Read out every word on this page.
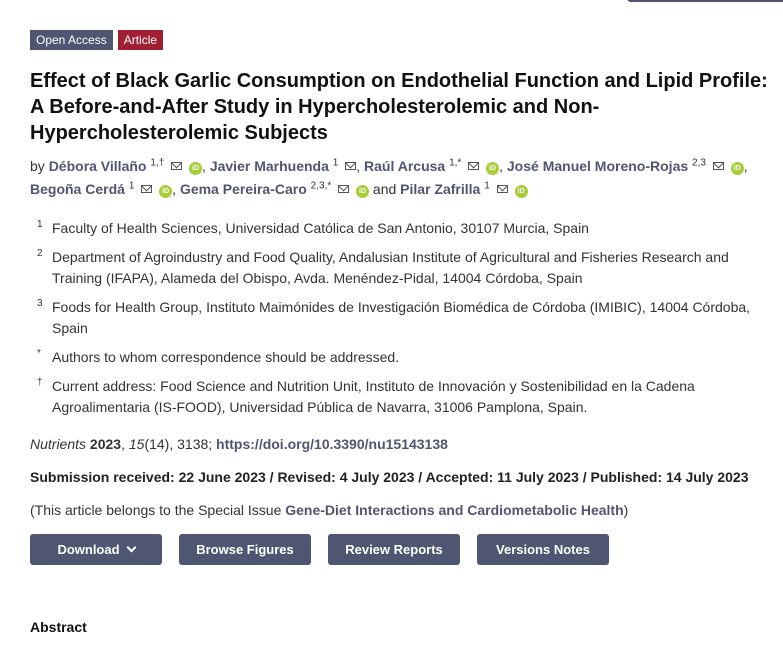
Open Access	Article
Effect of Black Garlic Consumption on Endothelial Function and Lipid Profile: A Before-and-After Study in Hypercholesterolemic and Non-Hypercholesterolemic Subjects
by Débora Villaño $^{1,\dagger}$  iD , Javier Marhuenda $^1$ , Raúl Arcusa $^{1,*}$  iD , José Manuel Moreno-Rojas $^{2,3}$  iD ,
Begoña Cerdá $^1$  iD , Gema Pereira-Caro $^{2,3,*}$  iD and Pilar Zafrilla $^1$  iD
1 Faculty of Health Sciences, Universidad Católica de San Antonio, 30107 Murcia, Spain
2 Department of Agroindustry and Food Quality, Andalusian Institute of Agricultural and Fisheries Research and Training (IFAPA), Alameda del Obispo, Avda. Menéndez-Pidal, 14004 Córdoba, Spain
3 Foods for Health Group, Instituto Maimónides de Investigación Biomédica de Córdoba (IMIBIC), 14004 Córdoba, Spain
* Authors to whom correspondence should be addressed.
† Current address: Food Science and Nutrition Unit, Instituto de Innovación y Sostenibilidad en la Cadena Agroalimentaria (IS-FOOD), Universidad Pública de Navarra, 31006 Pamplona, Spain.
Nutrients 2023, 15(14), 3138; https://doi.org/10.3390/nu15143138
Submission received: 22 June 2023 / Revised: 4 July 2023 / Accepted: 11 July 2023 / Published: 14 July 2023
(This article belongs to the Special Issue Gene-Diet Interactions and Cardiometabolic Health)
Download	Browse Figures	Review Reports	Versions Notes
Abstract
